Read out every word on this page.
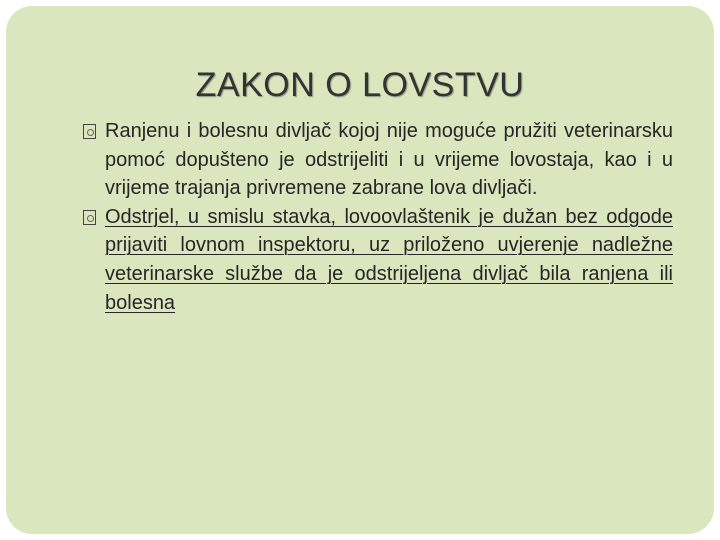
ZAKON O LOVSTVU

Ranjenu i bolesnu divljač kojoj nije moguće pružiti veterinarsku pomoć dopušteno je odstrijeliti i u vrijeme lovostaja, kao i u vrijeme trajanja privremene zabrane lova divljači.

Odstrjel, u smislu stavka, lovoovlaštenik je dužan bez odgode prijaviti lovnom inspektoru, uz priloženo uvjerenje nadležne veterinarske službe da je odstrijeljena divljač bila ranjena ili bolesna
